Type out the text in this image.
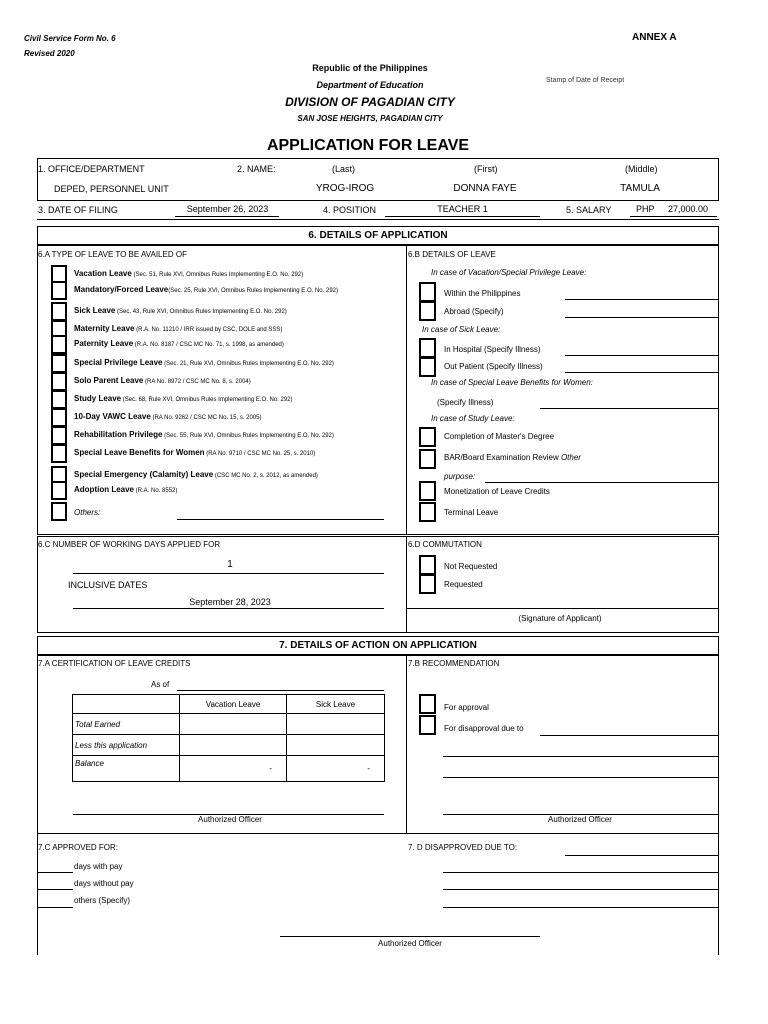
Civil Service Form No. 6
Revised 2020
ANNEX A
Republic of the Philippines
Department of Education
DIVISION OF PAGADIAN CITY
SAN JOSE HEIGHTS, PAGADIAN CITY
Stamp of Date of Receipt
APPLICATION FOR LEAVE
1. OFFICE/DEPARTMENT	2. NAME:	(Last)	(First)	(Middle)
DEPED, PERSONNEL UNIT	YROG-IROG	DONNA FAYE	TAMULA
3. DATE OF FILING	September 26, 2023	4. POSITION	TEACHER 1	5. SALARY	PHP 27,000.00
6. DETAILS OF APPLICATION
6.A TYPE OF LEAVE TO BE AVAILED OF
Vacation Leave (Sec. 51, Rule XVI, Omnibus Rules Implementing E.O. No. 292)
Mandatory/Forced Leave(Sec. 25, Rule XVI, Omnibus Rules Implementing E.O. No. 292)
Sick Leave (Sec. 43, Rule XVI, Omnibus Rules Implementing E.O. No. 292)
Maternity Leave (R.A. No. 11210 / IRR issued by CSC, DOLE and SSS)
Paternity Leave (R.A. No. 8187 / CSC MC No. 71, s. 1998, as amended)
Special Privilege Leave (Sec. 21, Rule XVI, Omnibus Rules Implementing E.O. No. 292)
Solo Parent Leave (RA No. 8972 / CSC MC No. 8, s. 2004)
Study Leave (Sec. 68, Rule XVI, Omnibus Rules Implementing E.O. No. 292)
10-Day VAWC Leave (RA No. 9262 / CSC MC No. 15, s. 2005)
Rehabilitation Privilege (Sec. 55, Rule XVI, Omnibus Rules Implementing E.O. No. 292)
Special Leave Benefits for Women (RA No. 9710 / CSC MC No. 25, s. 2010)
Special Emergency (Calamity) Leave (CSC MC No. 2, s. 2012, as amended)
Adoption Leave (R.A. No. 8552)
Others:
6.B DETAILS OF LEAVE
In case of Vacation/Special Privilege Leave:
Within the Philippines
Abroad (Specify)
In case of Sick Leave:
In Hospital (Specify Illness)
Out Patient (Specify Illness)
In case of Special Leave Benefits for Women:
(Specify Illness)
In case of Study Leave:
Completion of Master's Degree
BAR/Board Examination Review Other
purpose:
Monetization of Leave Credits
Terminal Leave
6.C NUMBER OF WORKING DAYS APPLIED FOR
1
INCLUSIVE DATES
September 28, 2023
6.D COMMUTATION
Not Requested
Requested
(Signature of Applicant)
7. DETAILS OF ACTION ON APPLICATION
7.A CERTIFICATION OF LEAVE CREDITS
As of
	Vacation Leave	Sick Leave
Total Earned		
Less this application		
Balance	-	-
Authorized Officer
7.B RECOMMENDATION
For approval
For disapproval due to
Authorized Officer
7.C APPROVED FOR:
days with pay
days without pay
others (Specify)
7. D DISAPPROVED DUE TO:
Authorized Officer
